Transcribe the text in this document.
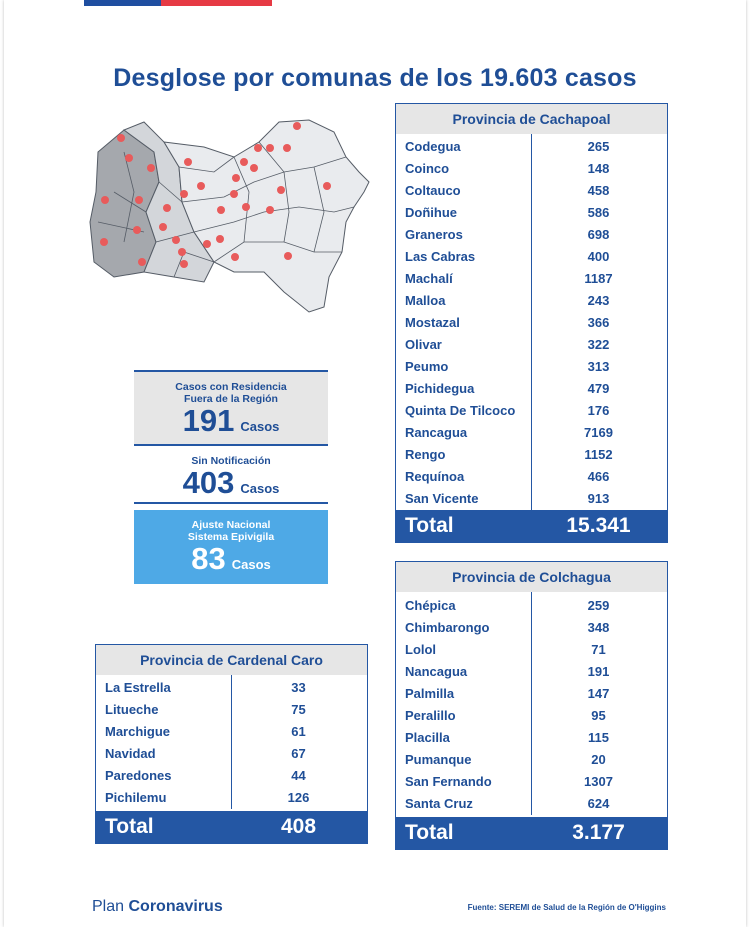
Desglose por comunas de los 19.603 casos
Provincia de Cachapoal
Codegua	265
Coinco	148
Coltauco	458
Doñihue	586
Graneros	698
Las Cabras	400
Machalí	1187
Malloa	243
Mostazal	366
Olivar	322
Peumo	313
Pichidegua	479
Quinta De Tilcoco	176
Rancagua	7169
Rengo	1152
Requínoa	466
San Vicente	913
Total	15.341
Provincia de Colchagua
Chépica	259
Chimbarongo	348
Lolol	71
Nancagua	191
Palmilla	147
Peralillo	95
Placilla	115
Pumanque	20
San Fernando	1307
Santa Cruz	624
Total	3.177
Provincia de Cardenal Caro
La Estrella	33
Litueche	75
Marchigue	61
Navidad	67
Paredones	44
Pichilemu	126
Total	408
Casos con Residencia
Fuera de la Región
191 Casos
Sin Notificación
403 Casos
Ajuste Nacional
Sistema Epivigila
83 Casos
Plan Coronavirus	Fuente: SEREMI de Salud de la Región de O'Higgins
